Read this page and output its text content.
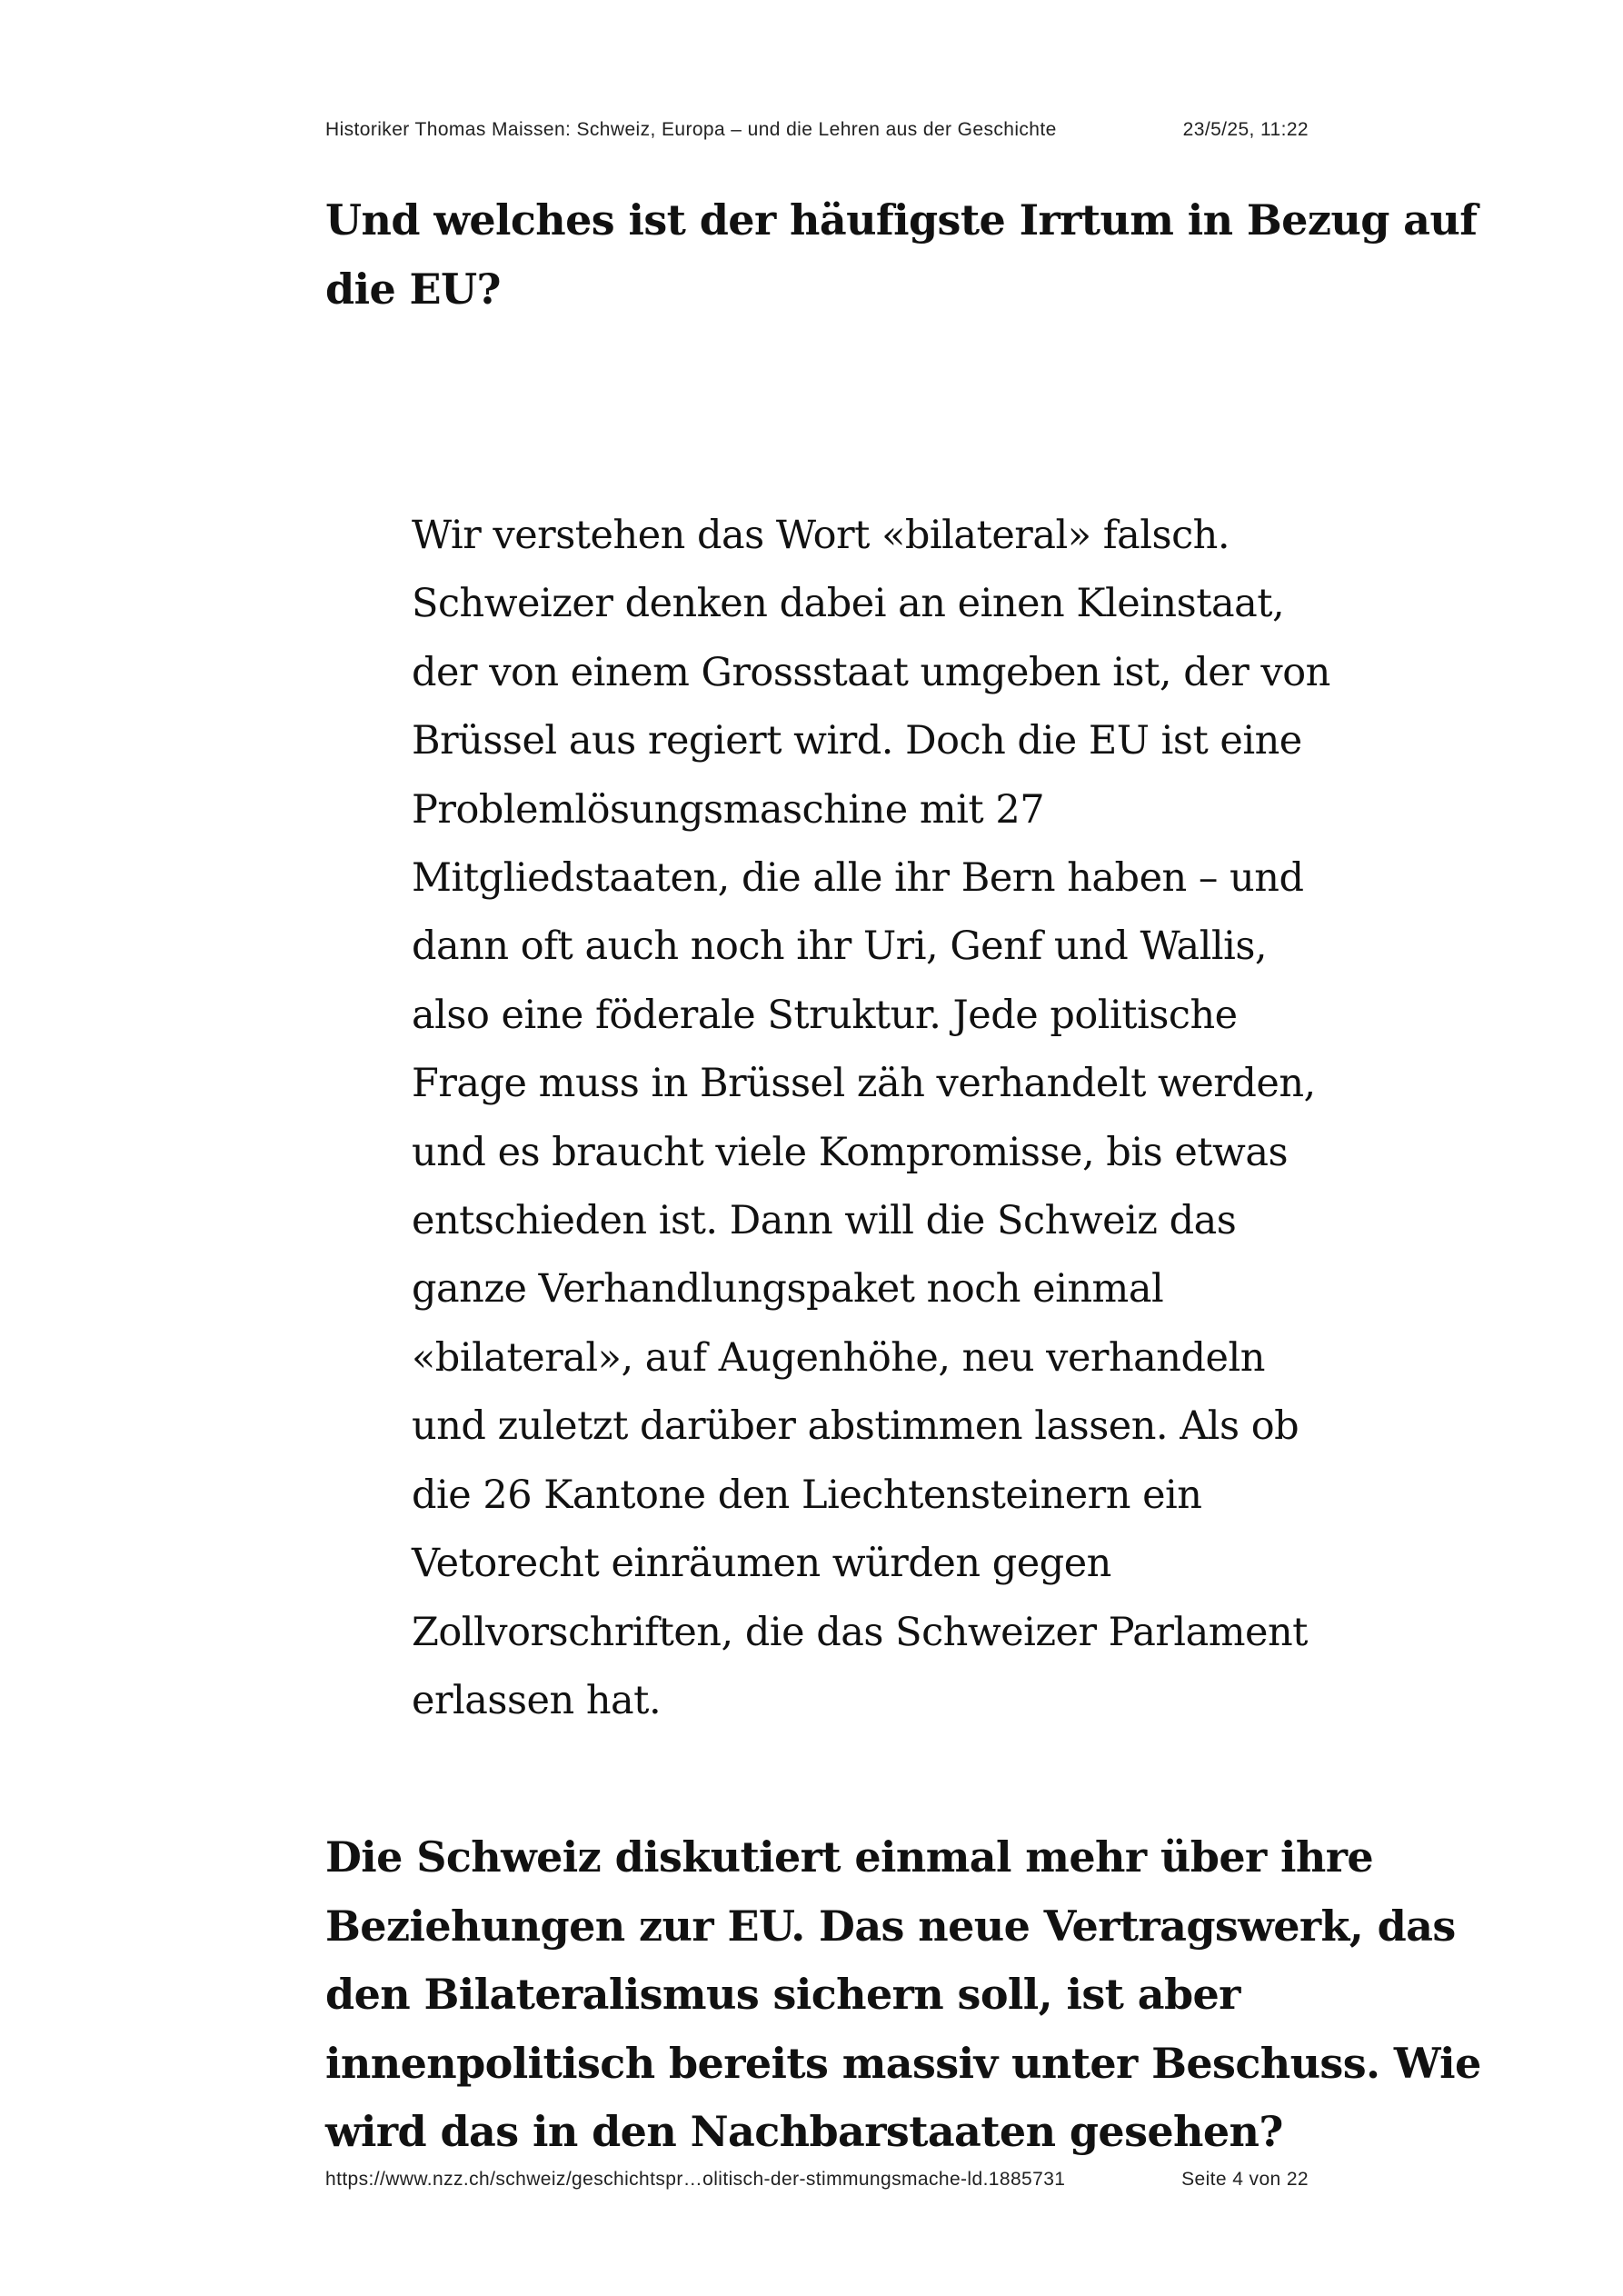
Historiker Thomas Maissen: Schweiz, Europa – und die Lehren aus der Geschichte	23/5/25, 11:22
Und welches ist der häufigste Irrtum in Bezug auf
die EU?
Wir verstehen das Wort «bilateral» falsch.
Schweizer denken dabei an einen Kleinstaat,
der von einem Grossstaat umgeben ist, der von
Brüssel aus regiert wird. Doch die EU ist eine
Problemlösungsmaschine mit 27
Mitgliedstaaten, die alle ihr Bern haben – und
dann oft auch noch ihr Uri, Genf und Wallis,
also eine föderale Struktur. Jede politische
Frage muss in Brüssel zäh verhandelt werden,
und es braucht viele Kompromisse, bis etwas
entschieden ist. Dann will die Schweiz das
ganze Verhandlungspaket noch einmal
«bilateral», auf Augenhöhe, neu verhandeln
und zuletzt darüber abstimmen lassen. Als ob
die 26 Kantone den Liechtensteinern ein
Vetorecht einräumen würden gegen
Zollvorschriften, die das Schweizer Parlament
erlassen hat.
Die Schweiz diskutiert einmal mehr über ihre
Beziehungen zur EU. Das neue Vertragswerk, das
den Bilateralismus sichern soll, ist aber
innenpolitisch bereits massiv unter Beschuss. Wie
wird das in den Nachbarstaaten gesehen?
https://www.nzz.ch/schweiz/geschichtspr…olitisch-der-stimmungsmache-ld.1885731	Seite 4 von 22
